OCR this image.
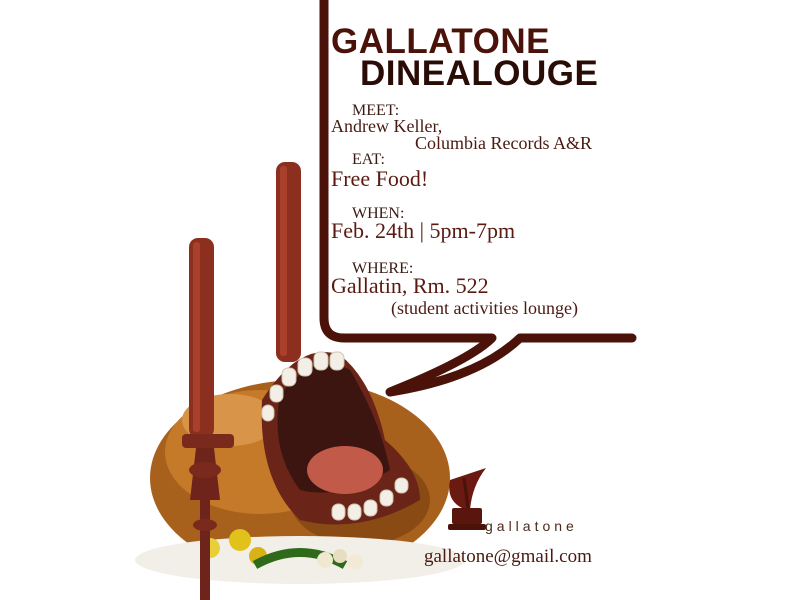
GALLATONE
DINEALOUGE
MEET:
Andrew Keller,
Columbia Records A&R
EAT:
Free Food!
WHEN:
Feb. 24th | 5pm-7pm
WHERE:
Gallatin, Rm. 522
(student activities lounge)
gallatone
gallatone@gmail.com
